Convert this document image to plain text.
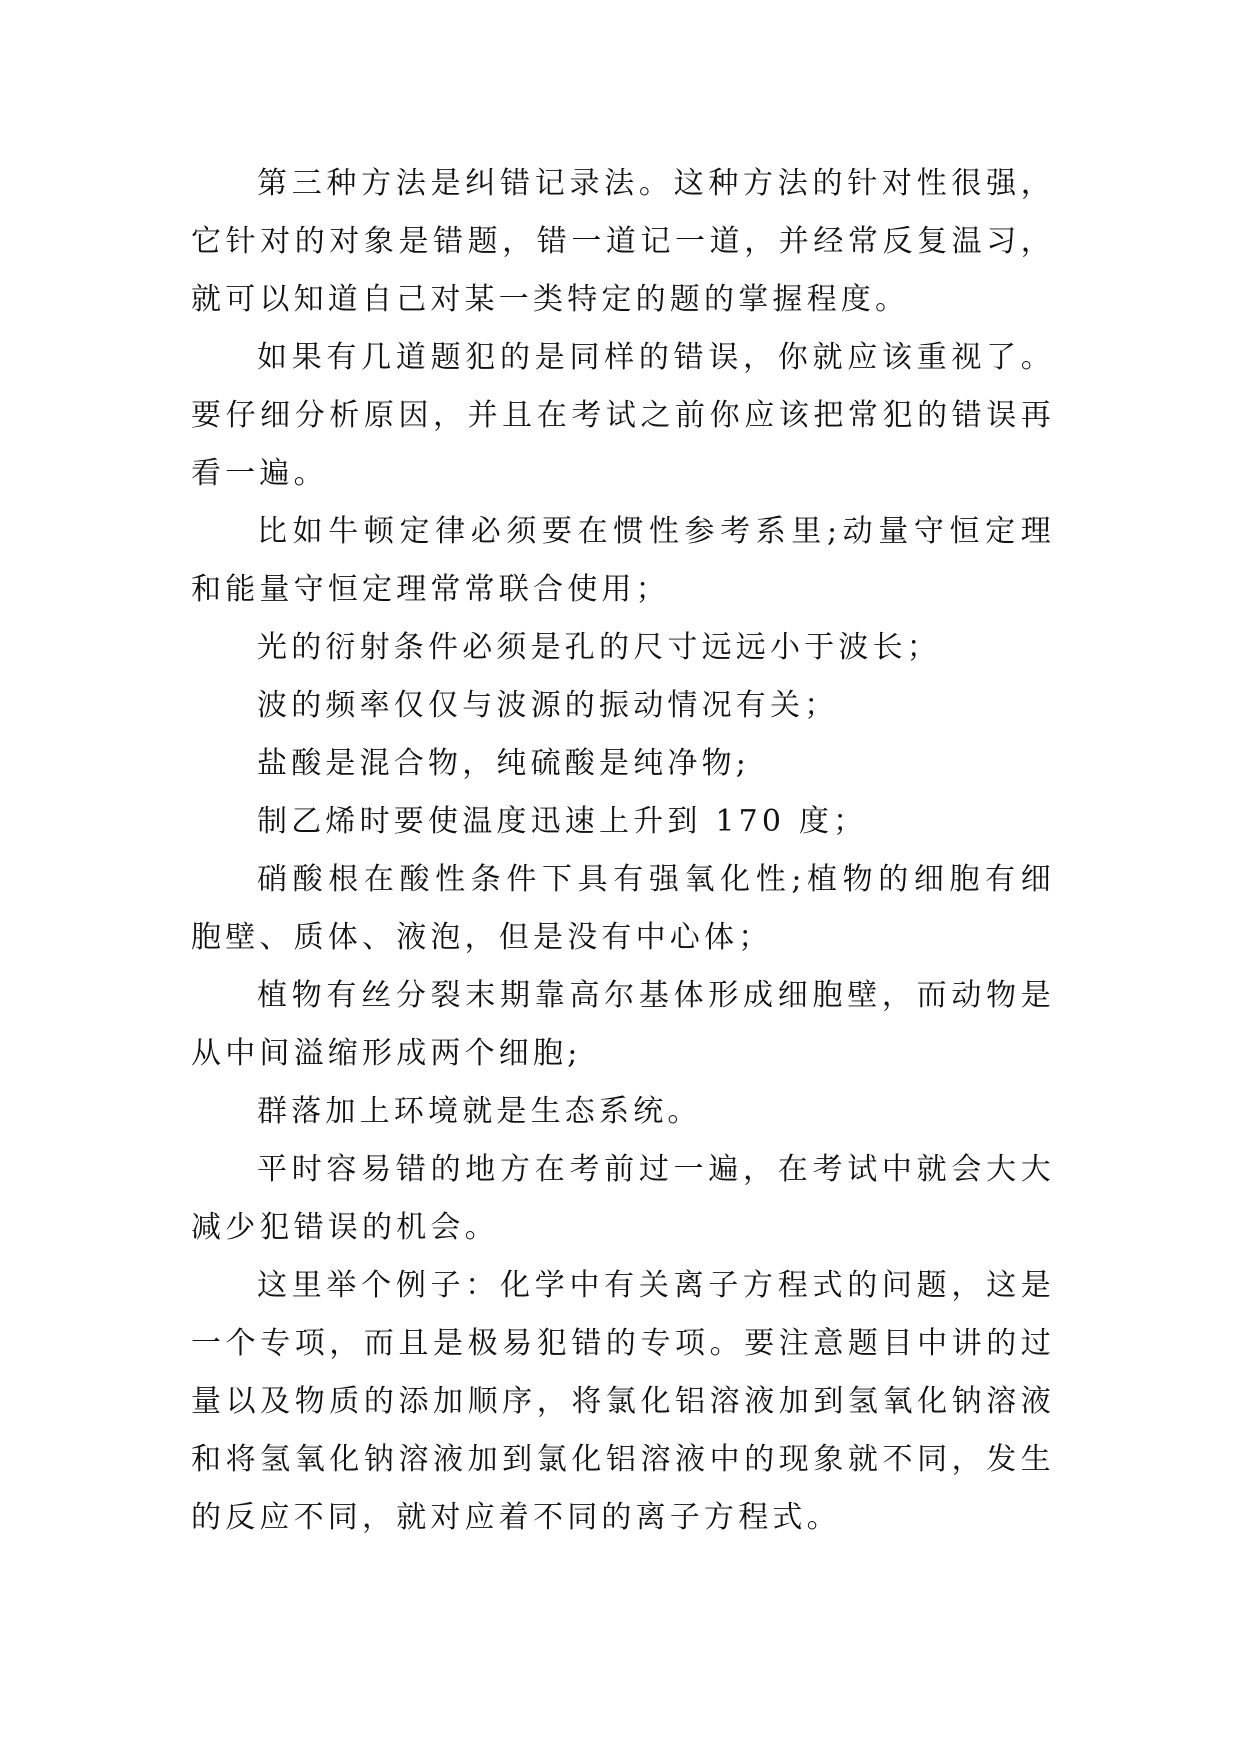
第三种方法是纠错记录法。这种方法的针对性很强，它针对的对象是错题，错一道记一道，并经常反复温习，就可以知道自己对某一类特定的题的掌握程度。

如果有几道题犯的是同样的错误，你就应该重视了。要仔细分析原因，并且在考试之前你应该把常犯的错误再看一遍。

比如牛顿定律必须要在惯性参考系里;动量守恒定理和能量守恒定理常常联合使用；

光的衍射条件必须是孔的尺寸远远小于波长；

波的频率仅仅与波源的振动情况有关；

盐酸是混合物，纯硫酸是纯净物;

制乙烯时要使温度迅速上升到 170 度；

硝酸根在酸性条件下具有强氧化性;植物的细胞有细胞壁、质体、液泡，但是没有中心体；

植物有丝分裂末期靠高尔基体形成细胞壁，而动物是从中间溢缩形成两个细胞;

群落加上环境就是生态系统。

平时容易错的地方在考前过一遍，在考试中就会大大减少犯错误的机会。

这里举个例子：化学中有关离子方程式的问题，这是一个专项，而且是极易犯错的专项。要注意题目中讲的过量以及物质的添加顺序，将氯化铝溶液加到氢氧化钠溶液和将氢氧化钠溶液加到氯化铝溶液中的现象就不同，发生的反应不同，就对应着不同的离子方程式。
